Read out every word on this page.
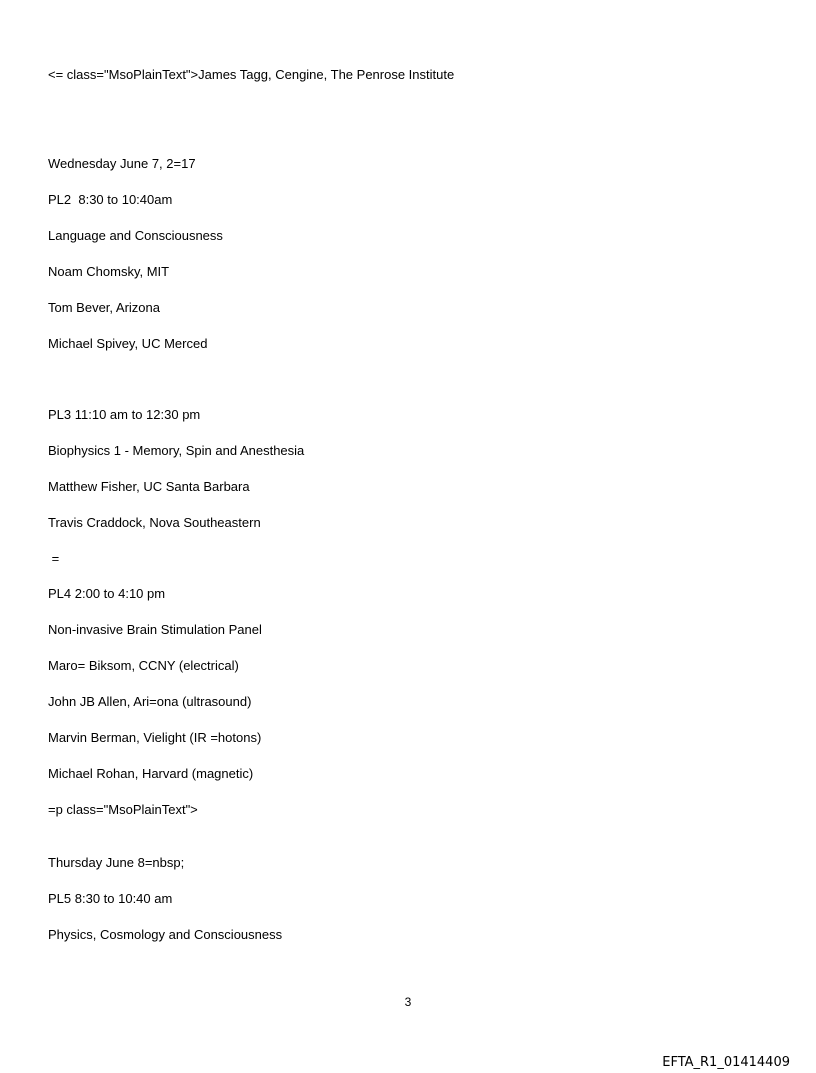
<= class="MsoPlainText">James Tagg, Cengine, The Penrose Institute
Wednesday June 7, 2=17
PL2  8:30 to 10:40am
Language and Consciousness
Noam Chomsky, MIT
Tom Bever, Arizona
Michael Spivey, UC Merced
PL3 11:10 am to 12:30 pm
Biophysics 1 - Memory, Spin and Anesthesia
Matthew Fisher, UC Santa Barbara
Travis Craddock, Nova Southeastern
=
PL4 2:00 to 4:10 pm
Non-invasive Brain Stimulation Panel
Maro= Biksom, CCNY (electrical)
John JB Allen, Ari=ona (ultrasound)
Marvin Berman, Vielight (IR =hotons)
Michael Rohan, Harvard (magnetic)
=p class="MsoPlainText">
Thursday June 8=nbsp;
PL5 8:30 to 10:40 am
Physics, Cosmology and Consciousness
3
EFTA_R1_01414409
